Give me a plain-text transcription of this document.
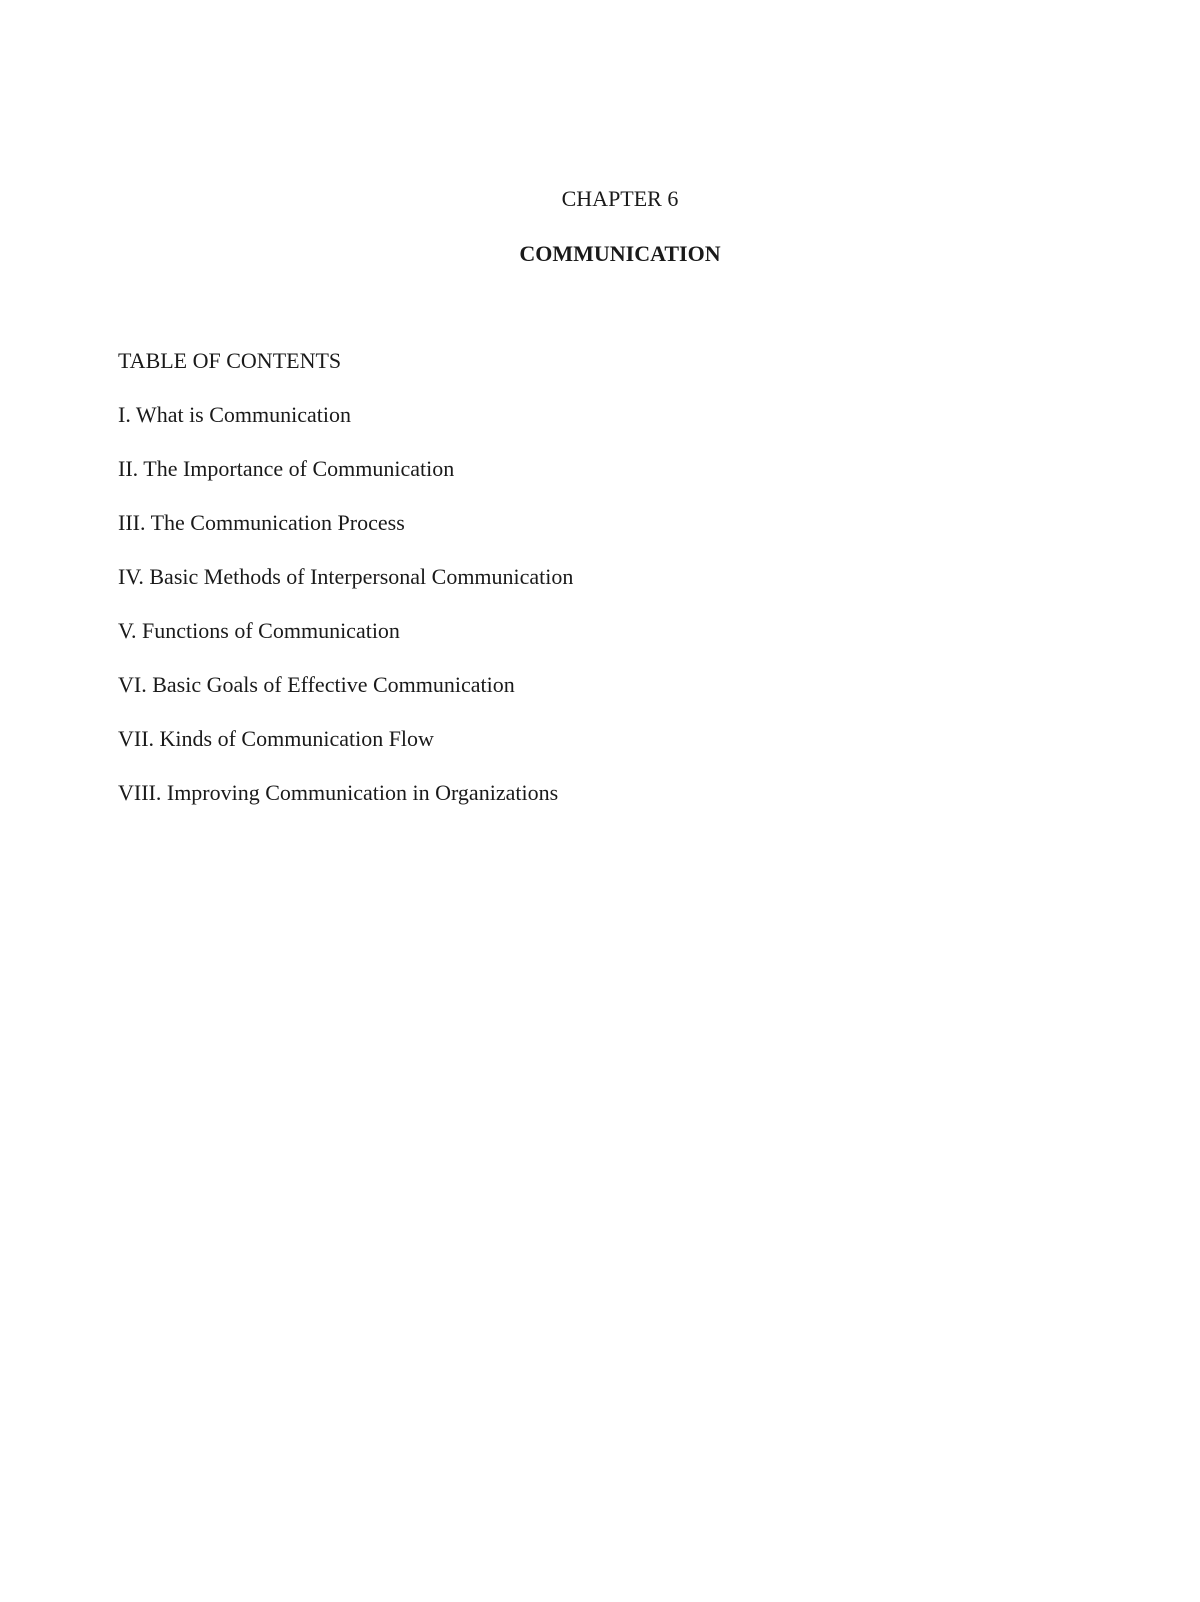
CHAPTER 6
COMMUNICATION
TABLE OF CONTENTS
I. What is Communication
II. The Importance of Communication
III. The Communication Process
IV. Basic Methods of Interpersonal Communication
V. Functions of Communication
VI. Basic Goals of Effective Communication
VII. Kinds of Communication Flow
VIII. Improving Communication in Organizations
